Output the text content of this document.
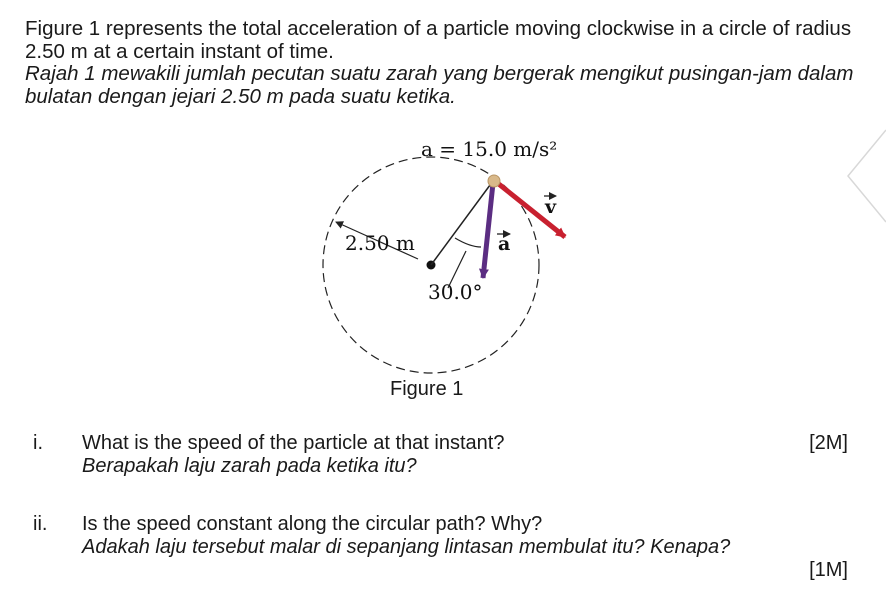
Figure 1 represents the total acceleration of a particle moving clockwise in a circle of radius 2.50 m at a certain instant of time.

Rajah 1 mewakili jumlah pecutan suatu zarah yang bergerak mengikut pusingan-jam dalam bulatan dengan jejari 2.50 m pada suatu ketika.

a = 15.0 m/s²
2.50 m
30.0°
v
a
Figure 1
i. What is the speed of the particle at that instant?
Berapakah laju zarah pada ketika itu?
[2M]
ii. Is the speed constant along the circular path? Why?
Adakah laju tersebut malar di sepanjang lintasan membulat itu? Kenapa?
[1M]
